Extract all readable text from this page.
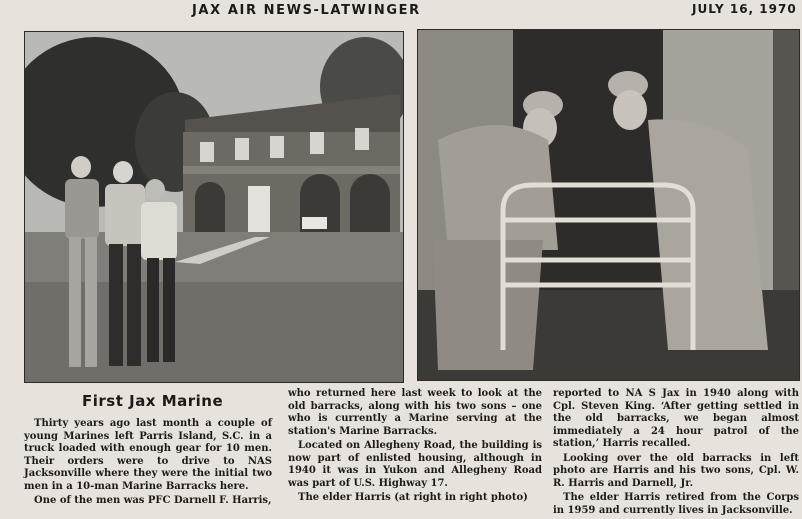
JAX AIR NEWS-LATWINGER	JULY 16, 1970
First Jax Marine

Thirty years ago last month a couple of young Marines left Parris Island, S.C. in a truck loaded with enough gear for 10 men. Their orders were to drive to NAS Jacksonville where they were the initial two men in a 10-man Marine Barracks here.

One of the men was PFC Darnell F. Harris,

who returned here last week to look at the old barracks, along with his two sons – one who is currently a Marine serving at the station's Marine Barracks.

Located on Allegheny Road, the building is now part of enlisted housing, although in 1940 it was in Yukon and Allegheny Road was part of U.S. Highway 17.

The elder Harris (at right in right photo)

reported to NA S Jax in 1940 along with Cpl. Steven King. ‘After getting settled in the old barracks, we began almost immediately a 24 hour patrol of the station,’ Harris recalled.

Looking over the old barracks in left photo are Harris and his two sons, Cpl. W. R. Harris and Darnell, Jr.

The elder Harris retired from the Corps in 1959 and currently lives in Jacksonville.
